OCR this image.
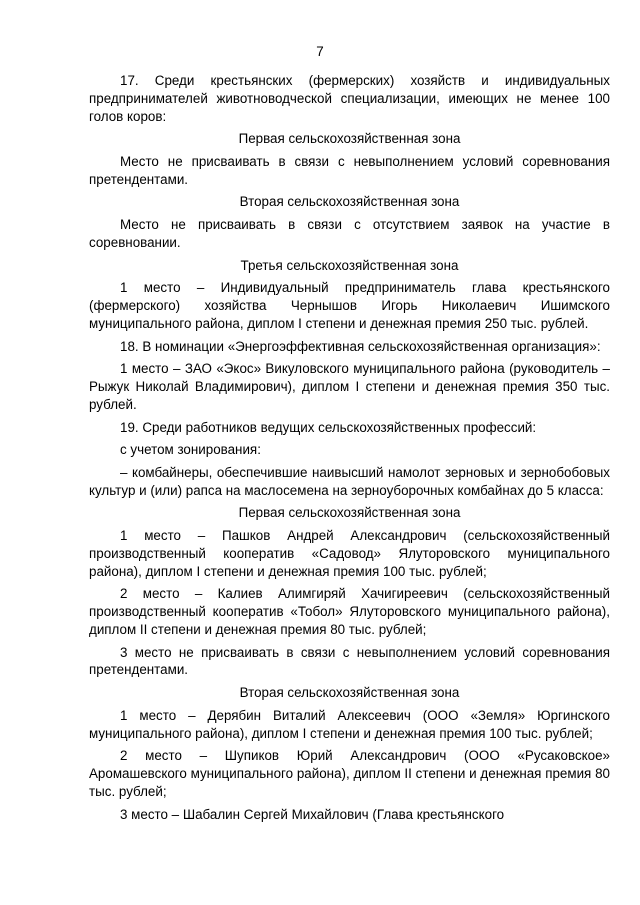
7

17. Среди крестьянских (фермерских) хозяйств и индивидуальных предпринимателей животноводческой специализации, имеющих не менее 100 голов коров:

Первая сельскохозяйственная зона

Место не присваивать в связи с невыполнением условий соревнования претендентами.

Вторая сельскохозяйственная зона

Место не присваивать в связи с отсутствием заявок на участие в соревновании.

Третья сельскохозяйственная зона

1 место – Индивидуальный предприниматель глава крестьянского (фермерского) хозяйства Чернышов Игорь Николаевич Ишимского муниципального района, диплом I степени и денежная премия 250 тыс. рублей.

18. В номинации «Энергоэффективная сельскохозяйственная организация»:

1 место – ЗАО «Экос» Викуловского муниципального района (руководитель – Рыжук Николай Владимирович), диплом I степени и денежная премия 350 тыс. рублей.

19. Среди работников ведущих сельскохозяйственных профессий:

с учетом зонирования:

– комбайнеры, обеспечившие наивысший намолот зерновых и зернобобовых культур и (или) рапса на маслосемена на зерноуборочных комбайнах до 5 класса:

Первая сельскохозяйственная зона

1 место – Пашков Андрей Александрович (сельскохозяйственный производственный кооператив «Садовод» Ялуторовского муниципального района), диплом I степени и денежная премия 100 тыс. рублей;

2 место – Калиев Алимгиряй Хачигиреевич (сельскохозяйственный производственный кооператив «Тобол» Ялуторовского муниципального района), диплом II степени и денежная премия 80 тыс. рублей;

3 место не присваивать в связи с невыполнением условий соревнования претендентами.

Вторая сельскохозяйственная зона

1 место – Дерябин Виталий Алексеевич (ООО «Земля» Юргинского муниципального района), диплом I степени и денежная премия 100 тыс. рублей;

2 место – Шупиков Юрий Александрович (ООО «Русаковское» Аромашевского муниципального района), диплом II степени и денежная премия 80 тыс. рублей;

3 место – Шабалин Сергей Михайлович (Глава крестьянского
